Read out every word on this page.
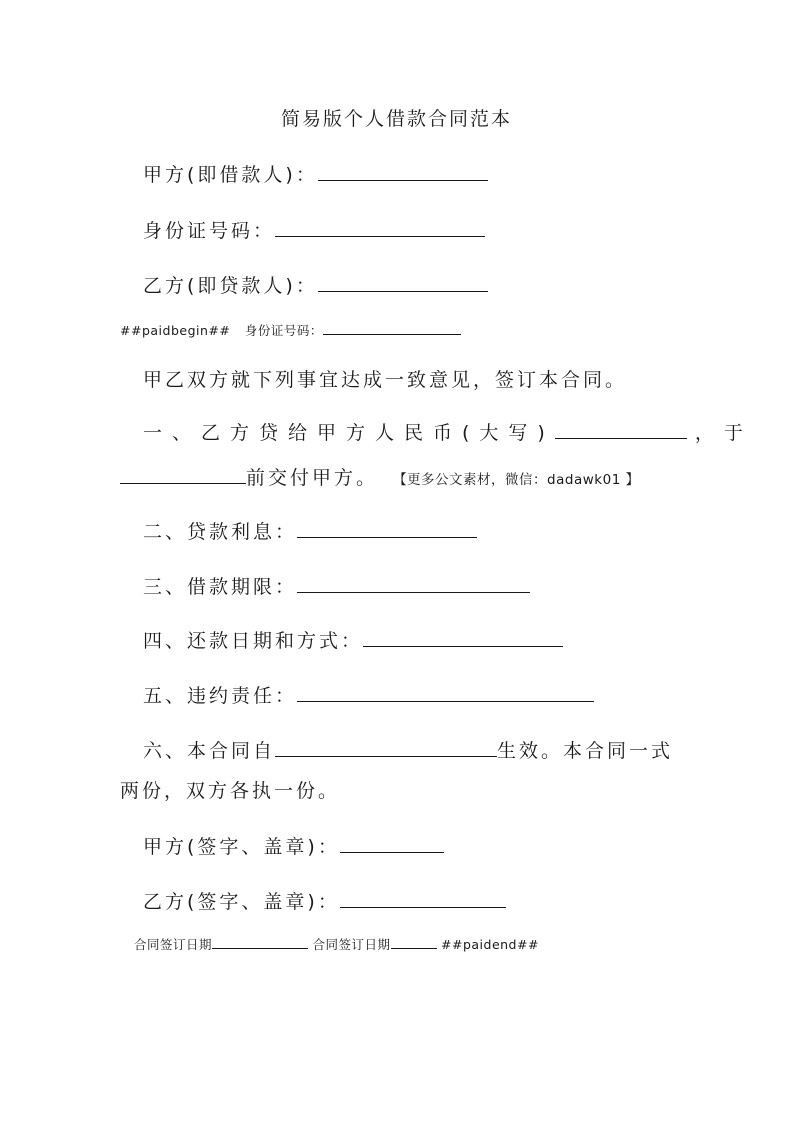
简易版个人借款合同范本
甲方(即借款人)：
身份证号码：
乙方(即贷款人)：
##paidbegin## 身份证号码：
甲乙双方就下列事宜达成一致意见，签订本合同。
一、乙方贷给甲方人民币(大写)	，于
前交付甲方。 【更多公文素材，微信：dadawk01 】
二、贷款利息：
三、借款期限：
四、还款日期和方式：
五、违约责任：
六、本合同自	生效。本合同一式
两份，双方各执一份。
甲方(签字、盖章)：
乙方(签字、盖章)：
合同签订日期	合同签订日期	##paidend##
